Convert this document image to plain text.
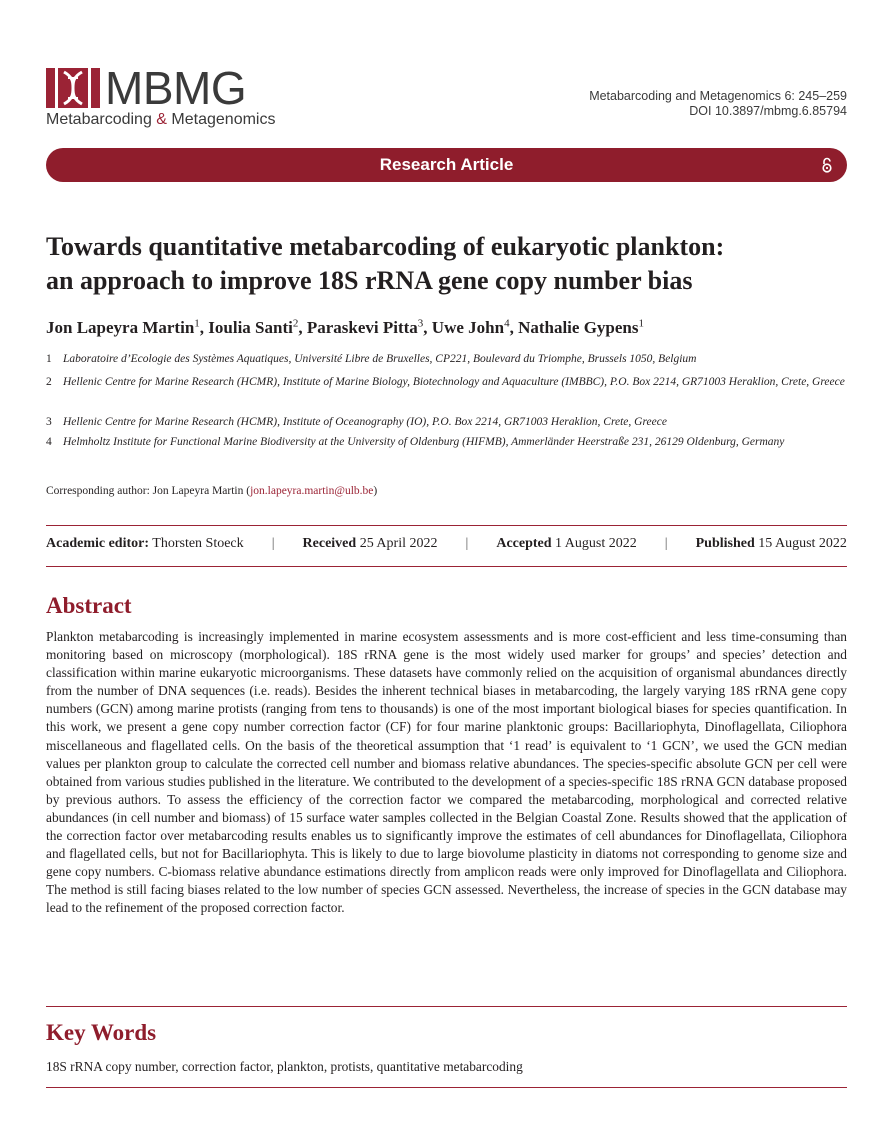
MBMG
Metabarcoding & Metagenomics
Metabarcoding and Metagenomics 6: 245–259
DOI 10.3897/mbmg.6.85794
Research Article
Towards quantitative metabarcoding of eukaryotic plankton:
an approach to improve 18S rRNA gene copy number bias
Jon Lapeyra Martin$^1$, Ioulia Santi$^2$, Paraskevi Pitta$^3$, Uwe John$^4$, Nathalie Gypens$^1$
1 Laboratoire d’Ecologie des Systèmes Aquatiques, Université Libre de Bruxelles, CP221, Boulevard du Triomphe, Brussels 1050, Belgium
2 Hellenic Centre for Marine Research (HCMR), Institute of Marine Biology, Biotechnology and Aquaculture (IMBBC), P.O. Box 2214, GR71003 Heraklion, Crete, Greece
3 Hellenic Centre for Marine Research (HCMR), Institute of Oceanography (IO), P.O. Box 2214, GR71003 Heraklion, Crete, Greece
4 Helmholtz Institute for Functional Marine Biodiversity at the University of Oldenburg (HIFMB), Ammerländer Heerstraße 231, 26129 Oldenburg, Germany
Corresponding author: Jon Lapeyra Martin (jon.lapeyra.martin@ulb.be)
Academic editor: Thorsten Stoeck | Received 25 April 2022 | Accepted 1 August 2022 | Published 15 August 2022
Abstract
Plankton metabarcoding is increasingly implemented in marine ecosystem assessments and is more cost-efficient and less time-consuming than monitoring based on microscopy (morphological). 18S rRNA gene is the most widely used marker for groups’ and species’ detection and classification within marine eukaryotic microorganisms. These datasets have commonly relied on the acquisition of organismal abundances directly from the number of DNA sequences (i.e. reads). Besides the inherent technical biases in metabarcoding, the largely varying 18S rRNA gene copy numbers (GCN) among marine protists (ranging from tens to thousands) is one of the most important biological biases for species quantification. In this work, we present a gene copy number correction factor (CF) for four marine planktonic groups: Bacillariophyta, Dinoflagellata, Ciliophora miscellaneous and flagellated cells. On the basis of the theoretical assumption that ‘1 read’ is equivalent to ‘1 GCN’, we used the GCN median values per plankton group to calculate the corrected cell number and biomass relative abundances. The species-specific absolute GCN per cell were obtained from various studies published in the literature. We contributed to the development of a species-specific 18S rRNA GCN database proposed by previous authors. To assess the efficiency of the correction factor we compared the metabarcoding, morphological and corrected relative abundances (in cell number and biomass) of 15 surface water samples collected in the Belgian Coastal Zone. Results showed that the application of the correction factor over metabarcoding results enables us to significantly improve the estimates of cell abundances for Dinoflagellata, Ciliophora and flagellated cells, but not for Bacillariophyta. This is likely to due to large biovolume plasticity in diatoms not corresponding to genome size and gene copy numbers. C-biomass relative abundance estimations directly from amplicon reads were only improved for Dinoflagellata and Ciliophora. The method is still facing biases related to the low number of species GCN assessed. Nevertheless, the increase of species in the GCN database may lead to the refinement of the proposed correction factor.
Key Words
18S rRNA copy number, correction factor, plankton, protists, quantitative metabarcoding
